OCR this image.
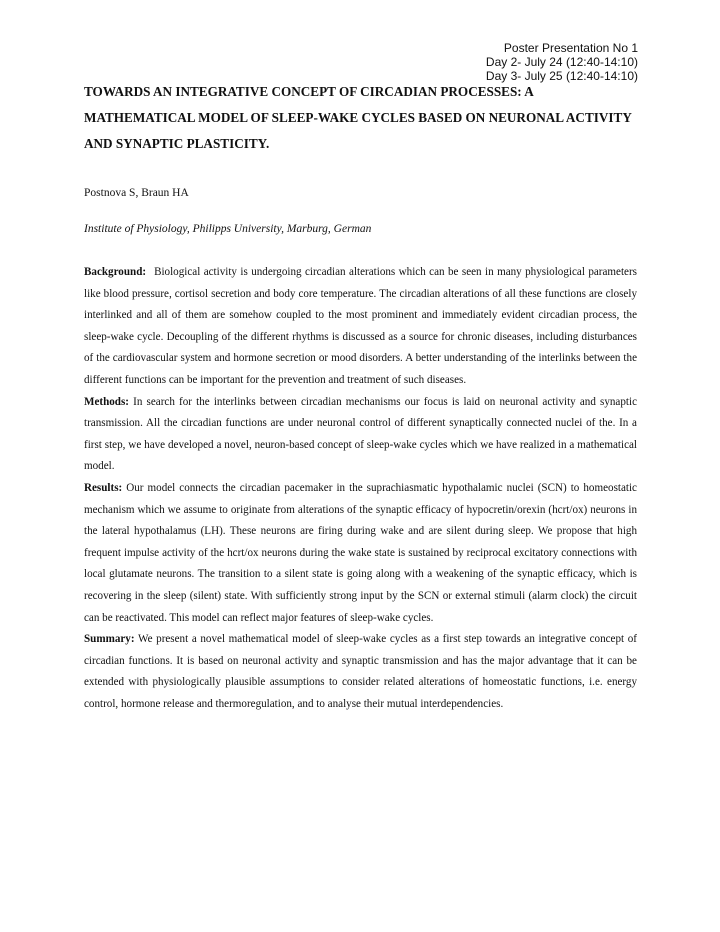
Poster Presentation No 1
Day 2- July 24 (12:40-14:10)
Day 3- July 25 (12:40-14:10)
TOWARDS AN INTEGRATIVE CONCEPT OF CIRCADIAN PROCESSES: A MATHEMATICAL MODEL OF SLEEP-WAKE CYCLES BASED ON NEURONAL ACTIVITY AND SYNAPTIC PLASTICITY.
Postnova S, Braun HA
Institute of Physiology, Philipps University, Marburg, German

Background: Biological activity is undergoing circadian alterations which can be seen in many physiological parameters like blood pressure, cortisol secretion and body core temperature. The circadian alterations of all these functions are closely interlinked and all of them are somehow coupled to the most prominent and immediately evident circadian process, the sleep-wake cycle. Decoupling of the different rhythms is discussed as a source for chronic diseases, including disturbances of the cardiovascular system and hormone secretion or mood disorders. A better understanding of the interlinks between the different functions can be important for the prevention and treatment of such diseases.

Methods: In search for the interlinks between circadian mechanisms our focus is laid on neuronal activity and synaptic transmission. All the circadian functions are under neuronal control of different synaptically connected nuclei of the. In a first step, we have developed a novel, neuron-based concept of sleep-wake cycles which we have realized in a mathematical model.

Results: Our model connects the circadian pacemaker in the suprachiasmatic hypothalamic nuclei (SCN) to homeostatic mechanism which we assume to originate from alterations of the synaptic efficacy of hypocretin/orexin (hcrt/ox) neurons in the lateral hypothalamus (LH). These neurons are firing during wake and are silent during sleep. We propose that high frequent impulse activity of the hcrt/ox neurons during the wake state is sustained by reciprocal excitatory connections with local glutamate neurons. The transition to a silent state is going along with a weakening of the synaptic efficacy, which is recovering in the sleep (silent) state. With sufficiently strong input by the SCN or external stimuli (alarm clock) the circuit can be reactivated. This model can reflect major features of sleep-wake cycles.

Summary: We present a novel mathematical model of sleep-wake cycles as a first step towards an integrative concept of circadian functions. It is based on neuronal activity and synaptic transmission and has the major advantage that it can be extended with physiologically plausible assumptions to consider related alterations of homeostatic functions, i.e. energy control, hormone release and thermoregulation, and to analyse their mutual interdependencies.
